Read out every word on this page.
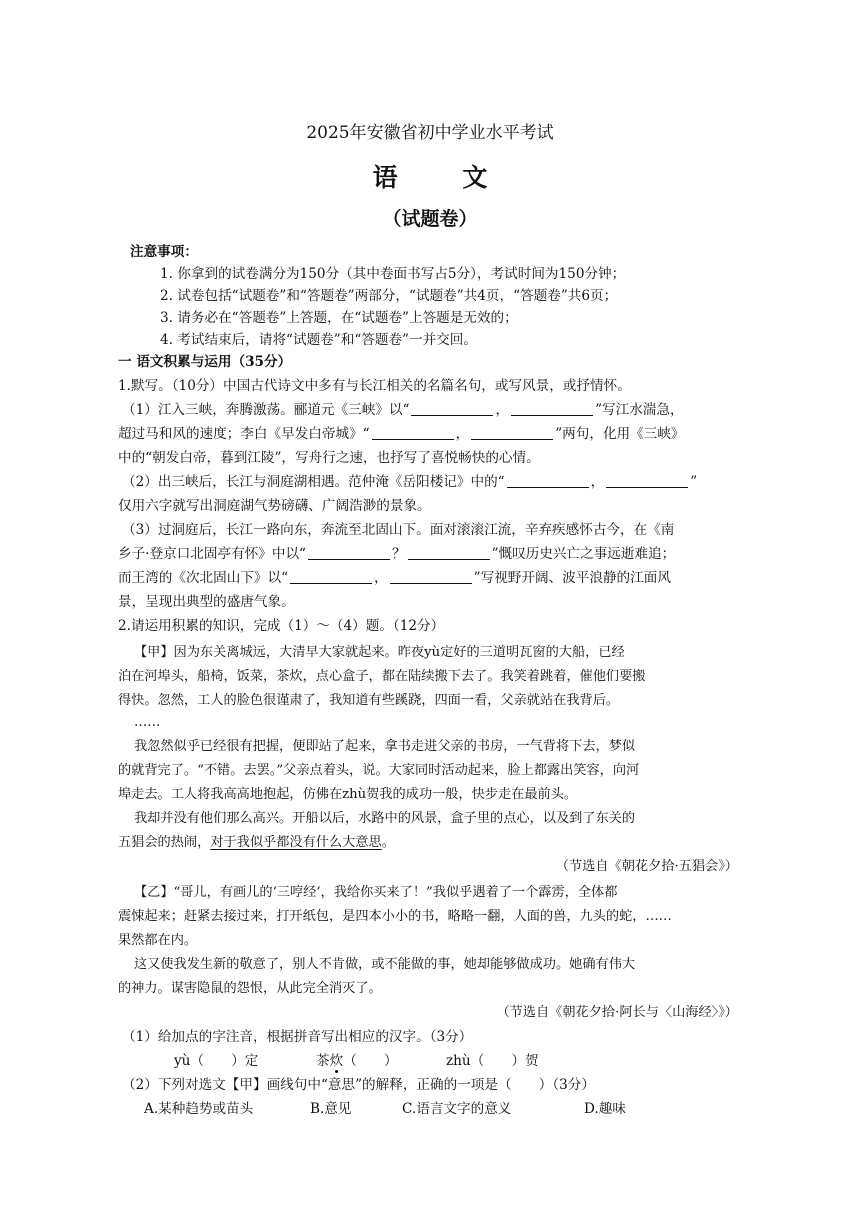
2025年安徽省初中学业水平考试
语 文
（试题卷）
注意事项：
1. 你拿到的试卷满分为150分（其中卷面书写占5分），考试时间为150分钟；
2. 试卷包括“试题卷”和“答题卷”两部分，“试题卷”共4页，“答题卷”共6页；
3. 请务必在“答题卷”上答题，在“试题卷”上答题是无效的；
4. 考试结束后，请将“试题卷”和“答题卷”一并交回。
一 语文积累与运用（35分）
1.默写。（10分）中国古代诗文中多有与长江相关的名篇名句，或写风景，或抒情怀。
（1）江入三峡，奔腾激荡。郦道元《三峡》以“	，	”写江水湍急，
超过马和风的速度；李白《早发白帝城》“	，	”两句，化用《三峡》
中的“朝发白帝，暮到江陵”，写舟行之速，也抒写了喜悦畅快的心情。
（2）出三峡后，长江与洞庭湖相遇。范仲淹《岳阳楼记》中的“	，	”
仅用六字就写出洞庭湖气势磅礴、广阔浩渺的景象。
（3）过洞庭后，长江一路向东，奔流至北固山下。面对滚滚江流，辛弃疾感怀古今，在《南
乡子·登京口北固亭有怀》中以“	？	”慨叹历史兴亡之事远逝难追；
而王湾的《次北固山下》以“	，	”写视野开阔、波平浪静的江面风
景，呈现出典型的盛唐气象。
2.请运用积累的知识，完成（1）～（4）题。（12分）
【甲】因为东关离城远，大清早大家就起来。昨夜yù定好的三道明瓦窗的大船，已经
泊在河埠头，船椅，饭菜，茶炊，点心盒子，都在陆续搬下去了。我笑着跳着，催他们要搬
得快。忽然，工人的脸色很谨肃了，我知道有些蹊跷，四面一看，父亲就站在我背后。
……
我忽然似乎已经很有把握，便即站了起来，拿书走进父亲的书房，一气背将下去，梦似
的就背完了。“不错。去罢。”父亲点着头，说。大家同时活动起来，脸上都露出笑容，向河
埠走去。工人将我高高地抱起，仿佛在zhù贺我的成功一般，快步走在最前头。
我却并没有他们那么高兴。开船以后，水路中的风景，盒子里的点心，以及到了东关的
五猖会的热闹，对于我似乎都没有什么大意思。
（节选自《朝花夕拾·五猖会》）
【乙】“哥儿，有画儿的‘三哼经’，我给你买来了！”我似乎遇着了一个霹雳，全体都
震悚起来；赶紧去接过来，打开纸包，是四本小小的书，略略一翻，人面的兽，九头的蛇，……
果然都在内。
这又使我发生新的敬意了，别人不肯做，或不能做的事，她却能够做成功。她确有伟大
的神力。谋害隐鼠的怨恨，从此完全消灭了。
（节选自《朝花夕拾·阿长与〈山海经〉》）
（1）给加点的字注音，根据拼音写出相应的汉字。（3分）
yù（　　）定	茶炊（　　）	zhù（　　）贺
（2）下列对选文【甲】画线句中“意思”的解释，正确的一项是（　　）（3分）
A.某种趋势或苗头	B.意见	C.语言文字的意义	D.趣味
